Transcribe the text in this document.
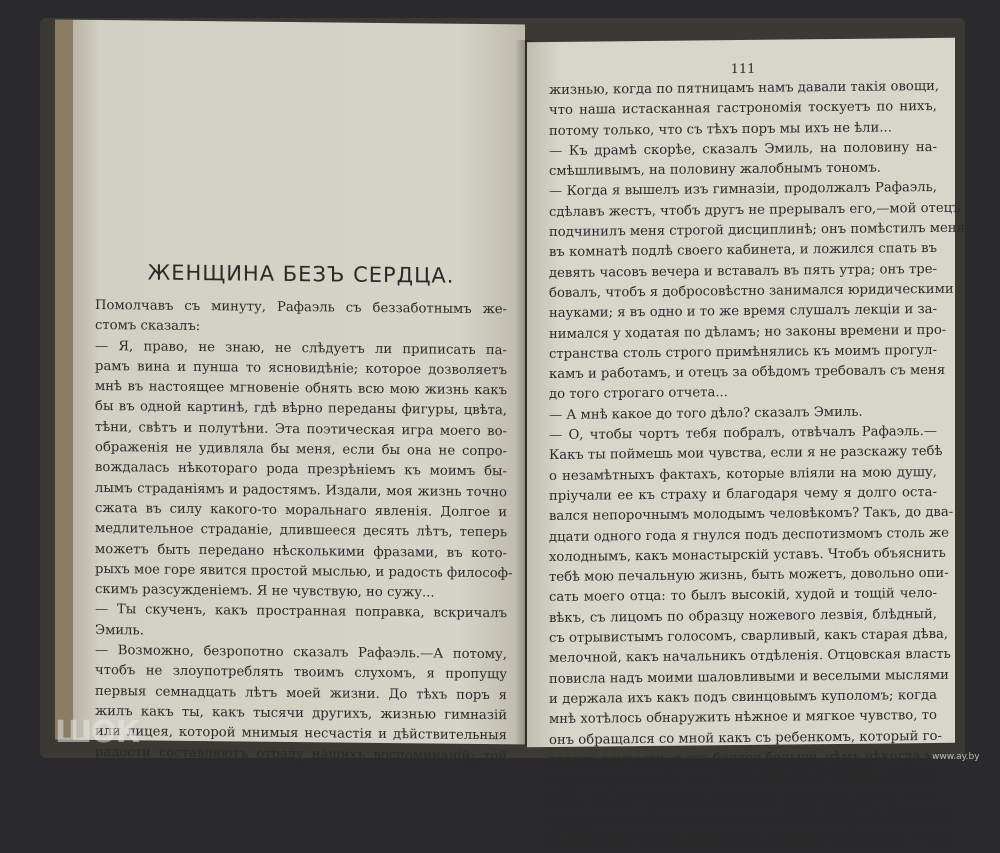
ЖЕНЩИНА БЕЗЪ СЕРДЦА.

Помолчавъ съ минуту, Рафаэль съ беззаботнымъ же-

стомъ сказалъ:

— Я, право, не знаю, не слѣдуетъ ли приписать па-

рамъ вина и пунша то ясновидѣніе; которое дозволяетъ

мнѣ въ настоящее мгновеніе обнять всю мою жизнь какъ

бы въ одной картинѣ, гдѣ вѣрно переданы фигуры, цвѣта,

тѣни, свѣтъ и полутѣни. Эта поэтическая игра моего во-

ображенія не удивляла бы меня, если бы она не сопро-

вождалась нѣкотораго рода презрѣніемъ къ моимъ бы-

лымъ страданіямъ и радостямъ. Издали, моя жизнь точно

сжата въ силу какого-то моральнаго явленія. Долгое и

медлительное страданіе, длившееся десять лѣтъ, теперь

можетъ быть передано нѣсколькими фразами, въ кото-

рыхъ мое горе явится простой мыслью, и радость философ-

скимъ разсужденіемъ. Я не чувствую, но сужу...

— Ты скученъ, какъ пространная поправка, вскричалъ

Эмиль.

— Возможно, безропотно сказалъ Рафаэль.—А потому,

чтобъ не злоупотреблять твоимъ слухомъ, я пропущу

первыя семнадцать лѣтъ моей жизни. До тѣхъ поръ я

жилъ какъ ты, какъ тысячи другихъ, жизнью гимназій

или лицея, которой мнимыя несчастія и дѣйствительныя

радости составляютъ отраду нашихъ воспоминаній; той

111

жизнью, когда по пятницамъ намъ давали такія овощи,

что наша истасканная гастрономія тоскуетъ по нихъ,

потому только, что съ тѣхъ поръ мы ихъ не ѣли...

— Къ драмѣ скорѣе, сказалъ Эмиль, на половину на-

смѣшливымъ, на половину жалобнымъ тономъ.

— Когда я вышелъ изъ гимназіи, продолжалъ Рафаэль,

сдѣлавъ жестъ, чтобъ другъ не прерывалъ его,—мой отецъ

подчинилъ меня строгой дисциплинѣ; онъ помѣстилъ меня

въ комнатѣ подлѣ своего кабинета, и ложился спать въ

девять часовъ вечера и вставалъ въ пять утра; онъ тре-

бовалъ, чтобъ я добросовѣстно занимался юридическими

науками; я въ одно и то же время слушалъ лекціи и за-

нимался у ходатая по дѣламъ; но законы времени и про-

странства столь строго примѣнялись къ моимъ прогул-

камъ и работамъ, и отецъ за обѣдомъ требовалъ съ меня

до того строгаго отчета...

— А мнѣ какое до того дѣло? сказалъ Эмиль.

— О, чтобы чортъ тебя побралъ, отвѣчалъ Рафаэль.—

Какъ ты поймешь мои чувства, если я не разскажу тебѣ

о незамѣтныхъ фактахъ, которые вліяли на мою душу,

пріучали ее къ страху и благодаря чему я долго оста-

вался непорочнымъ молодымъ человѣкомъ? Такъ, до два-

дцати одного года я гнулся подъ деспотизмомъ столь же

холоднымъ, какъ монастырскій уставъ. Чтобъ объяснить

тебѣ мою печальную жизнь, быть можетъ, довольно опи-

сать моего отца: то былъ высокій, худой и тощій чело-

вѣкъ, съ лицомъ по образцу ножевого лезвія, блѣдный,

съ отрывистымъ голосомъ, сварливый, какъ старая дѣва,

мелочной, какъ начальникъ отдѣленія. Отцовская власть

повисла надъ моими шаловливыми и веселыми мыслями

и держала ихъ какъ подъ свинцовымъ куполомъ; когда

мнѣ хотѣлось обнаружить нѣжное и мягкое чувство, то

онъ обращался со мной какъ съ ребенкомъ, который го-

воритъ глупости; я его боялся больше, чѣмъ нѣкогда мы

трусили учителей; для него мнѣ все еще было восемь

лѣтъ. Въ кангановомъ сюртукѣ, держась прямо, какъ

пасхальная свѣча, онъ походилъ на селедку, завернутую

въ красноватую обложку какого нибудь памфлета. И все

ШОК
www.ay.by
